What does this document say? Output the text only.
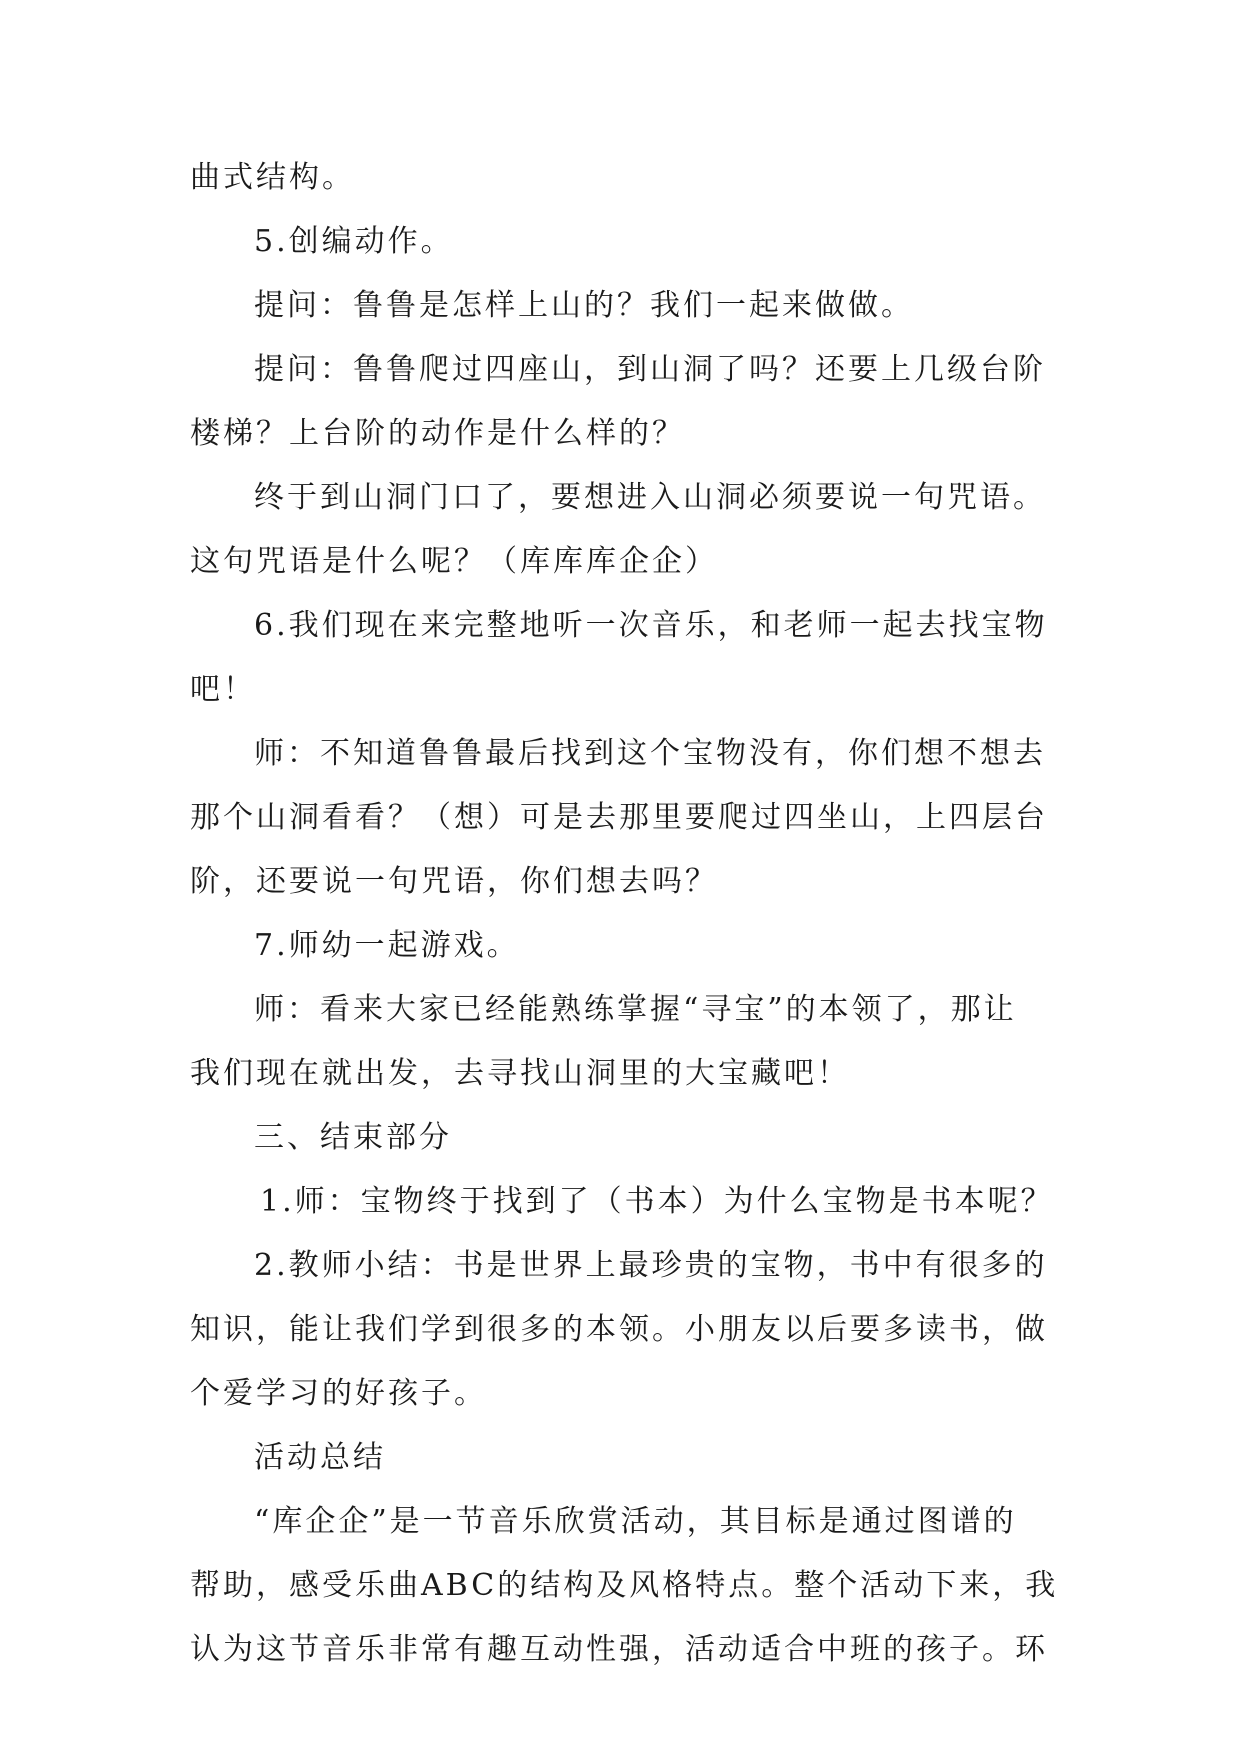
曲式结构。
5.创编动作。
提问：鲁鲁是怎样上山的？我们一起来做做。
提问：鲁鲁爬过四座山，到山洞了吗？还要上几级台阶
楼梯？上台阶的动作是什么样的？
终于到山洞门口了，要想进入山洞必须要说一句咒语。
这句咒语是什么呢？（库库库企企）
6.我们现在来完整地听一次音乐，和老师一起去找宝物
吧！
师：不知道鲁鲁最后找到这个宝物没有，你们想不想去
那个山洞看看？（想）可是去那里要爬过四坐山，上四层台
阶，还要说一句咒语，你们想去吗？
7.师幼一起游戏。
师：看来大家已经能熟练掌握“寻宝”的本领了，那让
我们现在就出发，去寻找山洞里的大宝藏吧！
三、结束部分
1.师：宝物终于找到了（书本）为什么宝物是书本呢？
2.教师小结：书是世界上最珍贵的宝物，书中有很多的
知识，能让我们学到很多的本领。小朋友以后要多读书，做
个爱学习的好孩子。
活动总结
“库企企”是一节音乐欣赏活动，其目标是通过图谱的
帮助，感受乐曲ABC的结构及风格特点。整个活动下来，我
认为这节音乐非常有趣互动性强，活动适合中班的孩子。环
